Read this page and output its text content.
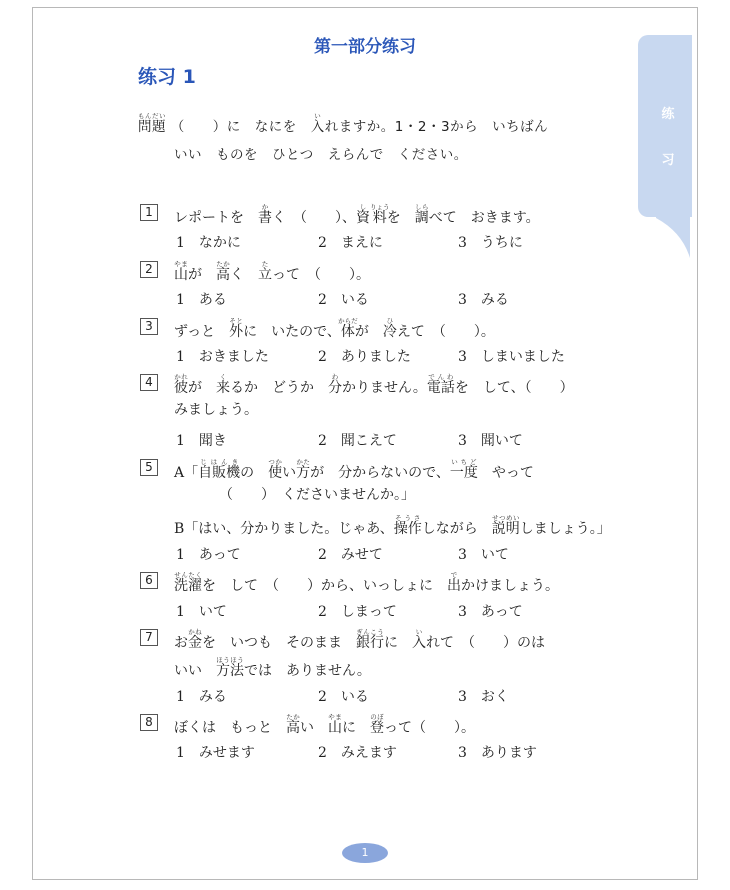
练
习
第一部分练习
练习 1
問題もんだい （　　）に　なにを　入いれますか。1・2・3から　いちばん
いい　ものを　ひとつ　えらんで　ください。
1	レポートを　書かく　（　　）、資し料りょうを　調しらべて　おきます。
1　なかに	2　まえに	3　うちに
2	山やまが　高たかく　立たって　（　　）。
1　ある	2　いる	3　みる
3	ずっと　外そとに　いたので、体からだが　冷ひえて　（　　）。
1　おきました	2　ありました	3　しまいました
4	彼かれが　来くるか　どうか　分わかりません。電話でんわを　して、（　　）
みましょう。
1　聞き	2　聞こえて	3　聞いて
5	A「自販機じはんきの　使つかい方かたが　分からないので、一度いちど　やって
　（　　）　くださいませんか。」
B「はい、分かりました。じゃあ、操作そうさしながら　説明せつめいしましょう。」
1　あって	2　みせて	3　いて
6	洗濯せんたくを　して　（　　）から、いっしょに　出でかけましょう。
1　いて	2　しまって	3　あって
7	お金かねを　いつも　そのまま　銀行ぎんこうに　入いれて　（　　）のは
いい　方法ほうほうでは　ありません。
1　みる	2　いる	3　おく
8	ぼくは　もっと　高たかい　山やまに　登のぼって（　　）。
1　みせます	2　みえます	3　あります
1
